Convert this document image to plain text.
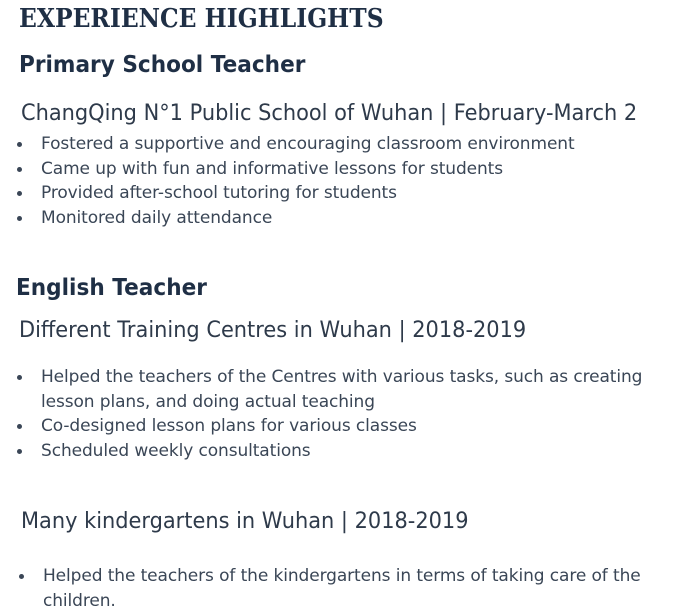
EXPERIENCE HIGHLIGHTS
Primary School Teacher
ChangQing N°1 Public School of Wuhan | February-March 2
Fostered a supportive and encouraging classroom environment
Came up with fun and informative lessons for students
Provided after-school tutoring for students
Monitored daily attendance
English Teacher
Different Training Centres in Wuhan | 2018-2019
Helped the teachers of the Centres with various tasks, such as creating lesson plans, and doing actual teaching
Co-designed lesson plans for various classes
Scheduled weekly consultations
Many kindergartens in Wuhan | 2018-2019
Helped the teachers of the kindergartens in terms of taking care of the children.
